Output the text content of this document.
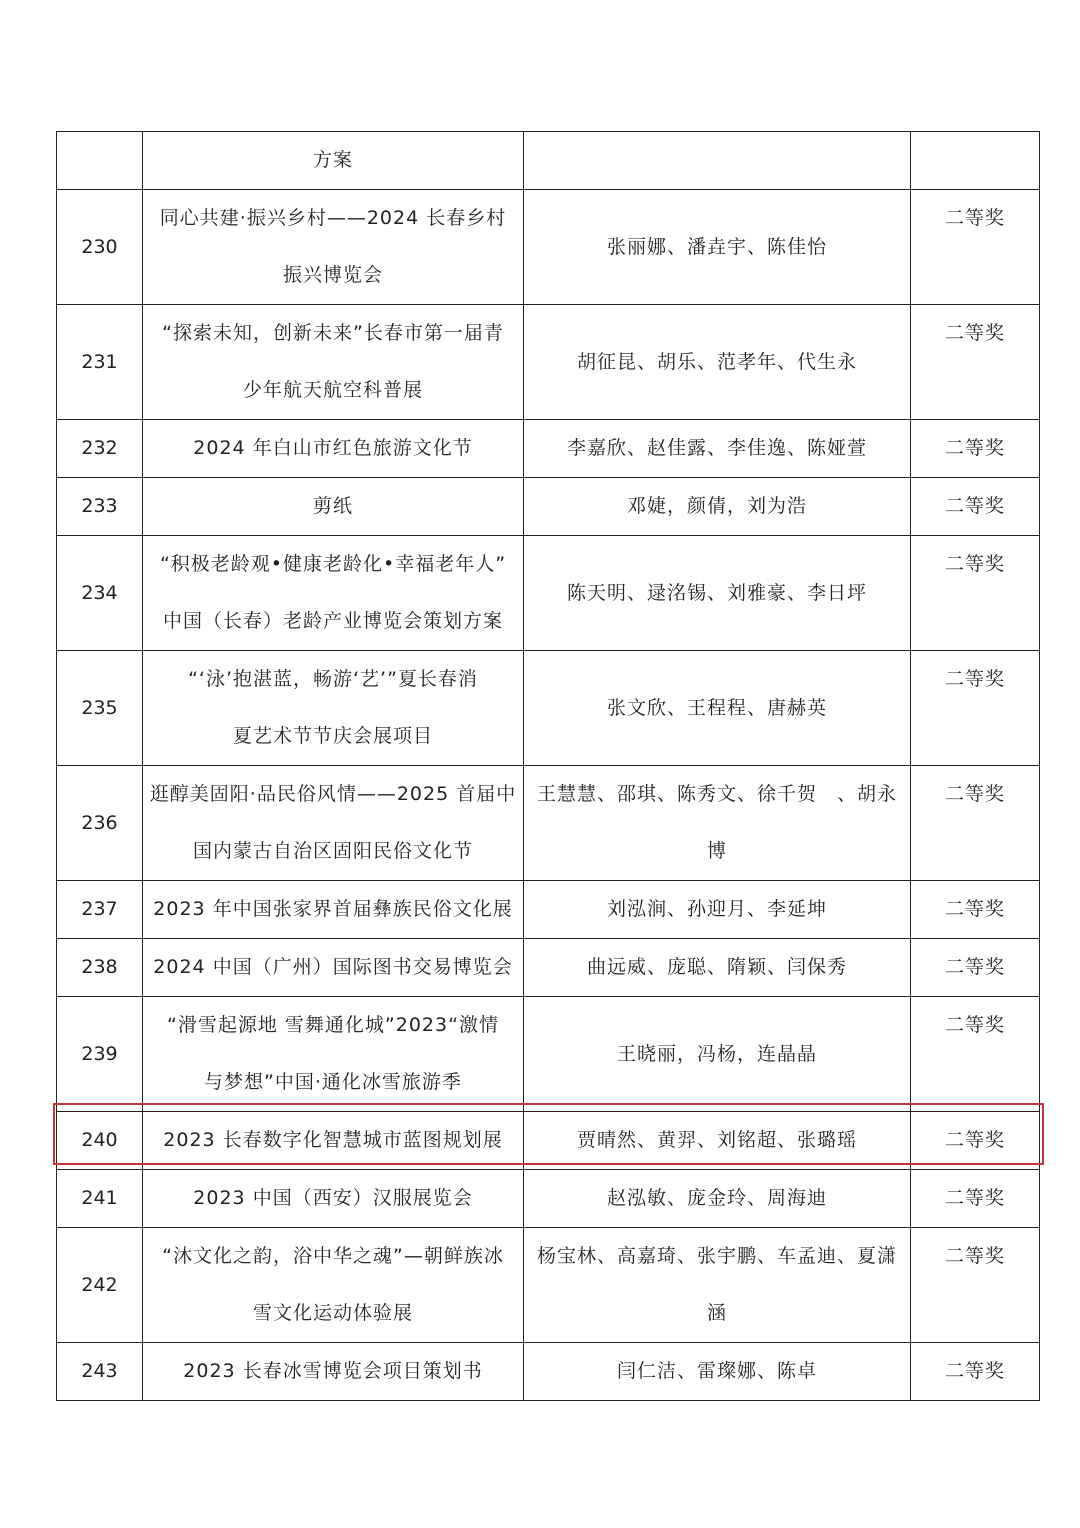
	方案		
230	同心共建·振兴乡村——2024 长春乡村
振兴博览会	张丽娜、潘垚宇、陈佳怡	二等奖

231	“探索未知，创新未来”长春市第一届青
少年航天航空科普展	胡征昆、胡乐、范孝年、代生永	二等奖

232	2024 年白山市红色旅游文化节	李嘉欣、赵佳露、李佳逸、陈娅萱	二等奖

233	剪纸	邓婕，颜倩，刘为浩	二等奖

234	“积极老龄观•健康老龄化•幸福老年人”
中国（长春）老龄产业博览会策划方案	陈天明、逯洺锡、刘雅豪、李日坪	二等奖

235	“‘泳’抱湛蓝，畅游‘艺’”夏长春消
夏艺术节节庆会展项目	张文欣、王程程、唐赫英	二等奖

236	逛醇美固阳·品民俗风情——2025 首届中
国内蒙古自治区固阳民俗文化节	王慧慧、邵琪、陈秀文、徐千贺　、胡永
博	二等奖

237	2023 年中国张家界首届彝族民俗文化展	刘泓涧、孙迎月、李延坤	二等奖

238	2024 中国（广州）国际图书交易博览会	曲远威、庞聪、隋颖、闫保秀	二等奖

239	“滑雪起源地 雪舞通化城”2023“激情
与梦想”中国·通化冰雪旅游季	王晓丽，冯杨，连晶晶	二等奖

240	2023 长春数字化智慧城市蓝图规划展	贾晴然、黄羿、刘铭超、张璐瑶	二等奖

241	2023 中国（西安）汉服展览会	赵泓敏、庞金玲、周海迪	二等奖

242	“沐文化之韵，浴中华之魂”—朝鲜族冰
雪文化运动体验展	杨宝林、高嘉琦、张宇鹏、车孟迪、夏潇
涵	二等奖

243	2023 长春冰雪博览会项目策划书	闫仁洁、雷璨娜、陈卓	二等奖
